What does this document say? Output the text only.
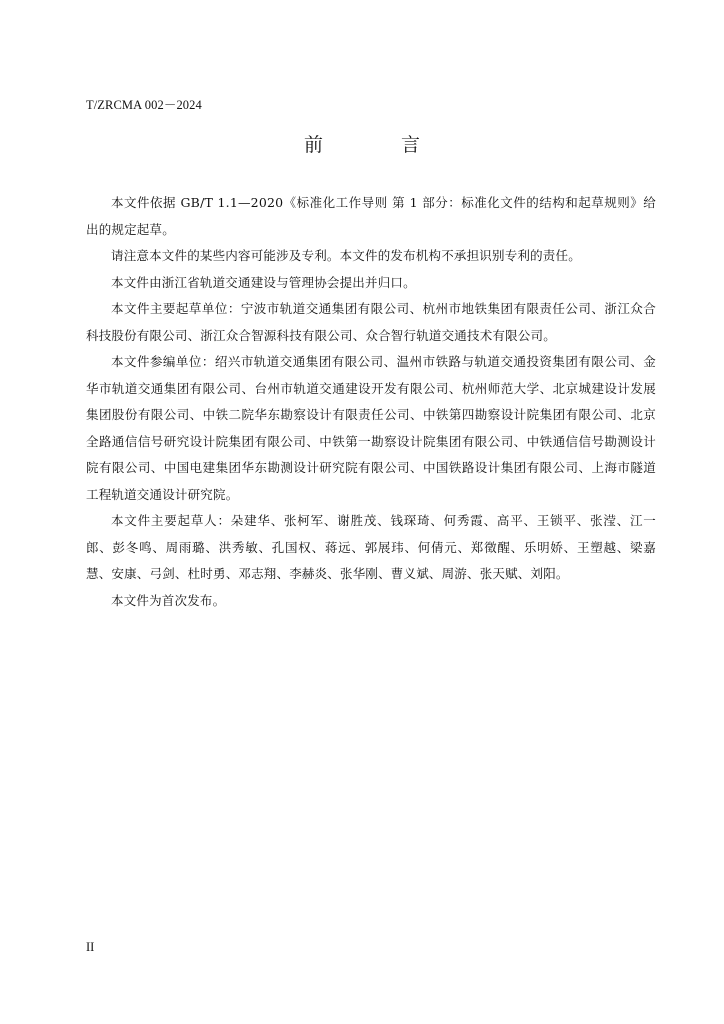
T/ZRCMA 002－2024
前 言

本文件依据 GB/T 1.1—2020《标准化工作导则 第 1 部分：标准化文件的结构和起草规则》给出的规定起草。

请注意本文件的某些内容可能涉及专利。本文件的发布机构不承担识别专利的责任。

本文件由浙江省轨道交通建设与管理协会提出并归口。

本文件主要起草单位：宁波市轨道交通集团有限公司、杭州市地铁集团有限责任公司、浙江众合科技股份有限公司、浙江众合智源科技有限公司、众合智行轨道交通技术有限公司。

本文件参编单位：绍兴市轨道交通集团有限公司、温州市铁路与轨道交通投资集团有限公司、金华市轨道交通集团有限公司、台州市轨道交通建设开发有限公司、杭州师范大学、北京城建设计发展集团股份有限公司、中铁二院华东勘察设计有限责任公司、中铁第四勘察设计院集团有限公司、北京全路通信信号研究设计院集团有限公司、中铁第一勘察设计院集团有限公司、中铁通信信号勘测设计院有限公司、中国电建集团华东勘测设计研究院有限公司、中国铁路设计集团有限公司、上海市隧道工程轨道交通设计研究院。

本文件主要起草人：朵建华、张柯军、谢胜茂、钱琛琦、何秀霞、高平、王锁平、张滢、江一郎、彭冬鸣、周雨璐、洪秀敏、孔国权、蒋远、郭展玮、何倩元、郑徵醒、乐明娇、王塑越、梁嘉慧、安康、弓剑、杜时勇、邓志翔、李赫炎、张华刚、曹义斌、周游、张天赋、刘阳。

本文件为首次发布。

II
